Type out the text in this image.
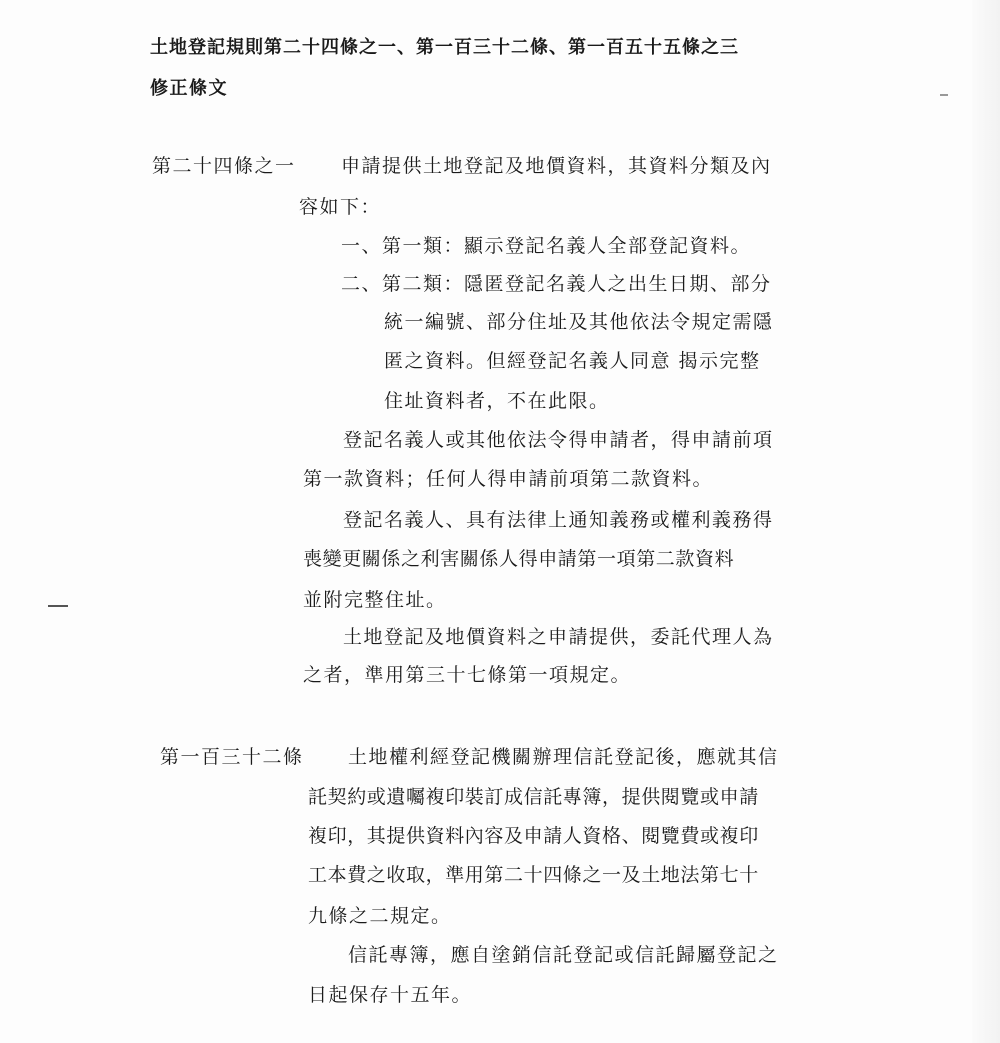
土地登記規則第二十四條之一、第一百三十二條、第一百五十五條之三
修正條文
第二十四條之一 申請提供土地登記及地價資料，其資料分類及內
容如下：
一、第一類：顯示登記名義人全部登記資料。
二、第二類：隱匿登記名義人之出生日期、部分
統一編號、部分住址及其他依法令規定需隱
匿之資料。但經登記名義人同意 揭示完整
住址資料者，不在此限。
登記名義人或其他依法令得申請者，得申請前項
第一款資料；任何人得申請前項第二款資料。
登記名義人、具有法律上通知義務或權利義務得
喪變更關係之利害關係人得申請第一項第二款資料
並附完整住址。
土地登記及地價資料之申請提供，委託代理人為
之者，準用第三十七條第一項規定。
第一百三十二條 土地權利經登記機關辦理信託登記後，應就其信
託契約或遺囑複印裝訂成信託專簿，提供閱覽或申請
複印，其提供資料內容及申請人資格、閱覽費或複印
工本費之收取，準用第二十四條之一及土地法第七十
九條之二規定。
信託專簿，應自塗銷信託登記或信託歸屬登記之
日起保存十五年。
